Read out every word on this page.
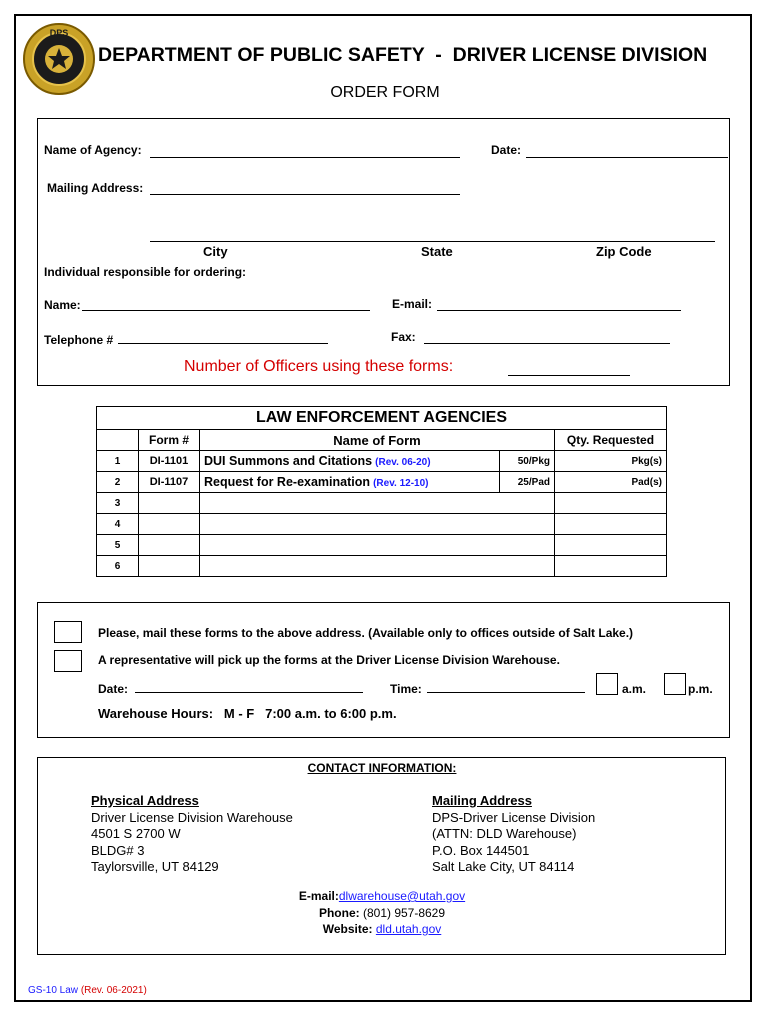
DPS
DEPARTMENT OF PUBLIC SAFETY  -  DRIVER LICENSE DIVISION
ORDER FORM
Name of Agency:	Date:
Mailing Address:
City	State	Zip Code
Individual responsible for ordering:
Name:	E-mail:
Telephone #	Fax:
Number of Officers using these forms:
LAW ENFORCEMENT AGENCIES				
	Form #	Name of Form		Qty. Requested
1	DI-1101	DUI Summons and Citations (Rev. 06-20)	50/Pkg	Pkg(s)
2	DI-1107	Request for Re-examination (Rev. 12-10)	25/Pad	Pad(s)
3				
4				
5				
6				
Please, mail these forms to the above address. (Available only to offices outside of Salt Lake.)
A representative will pick up the forms at the Driver License Division Warehouse.
Date:	Time:	a.m.	p.m.
Warehouse Hours:   M - F   7:00 a.m. to 6:00 p.m.
CONTACT INFORMATION:
Physical Address
Driver License Division Warehouse
4501 S 2700 W
BLDG# 3
Taylorsville, UT 84129
Mailing Address
DPS-Driver License Division
(ATTN: DLD Warehouse)
P.O. Box 144501
Salt Lake City, UT 84114
E-mail:dlwarehouse@utah.gov
Phone: (801) 957-8629
Website: dld.utah.gov
GS-10 Law (Rev. 06-2021)
